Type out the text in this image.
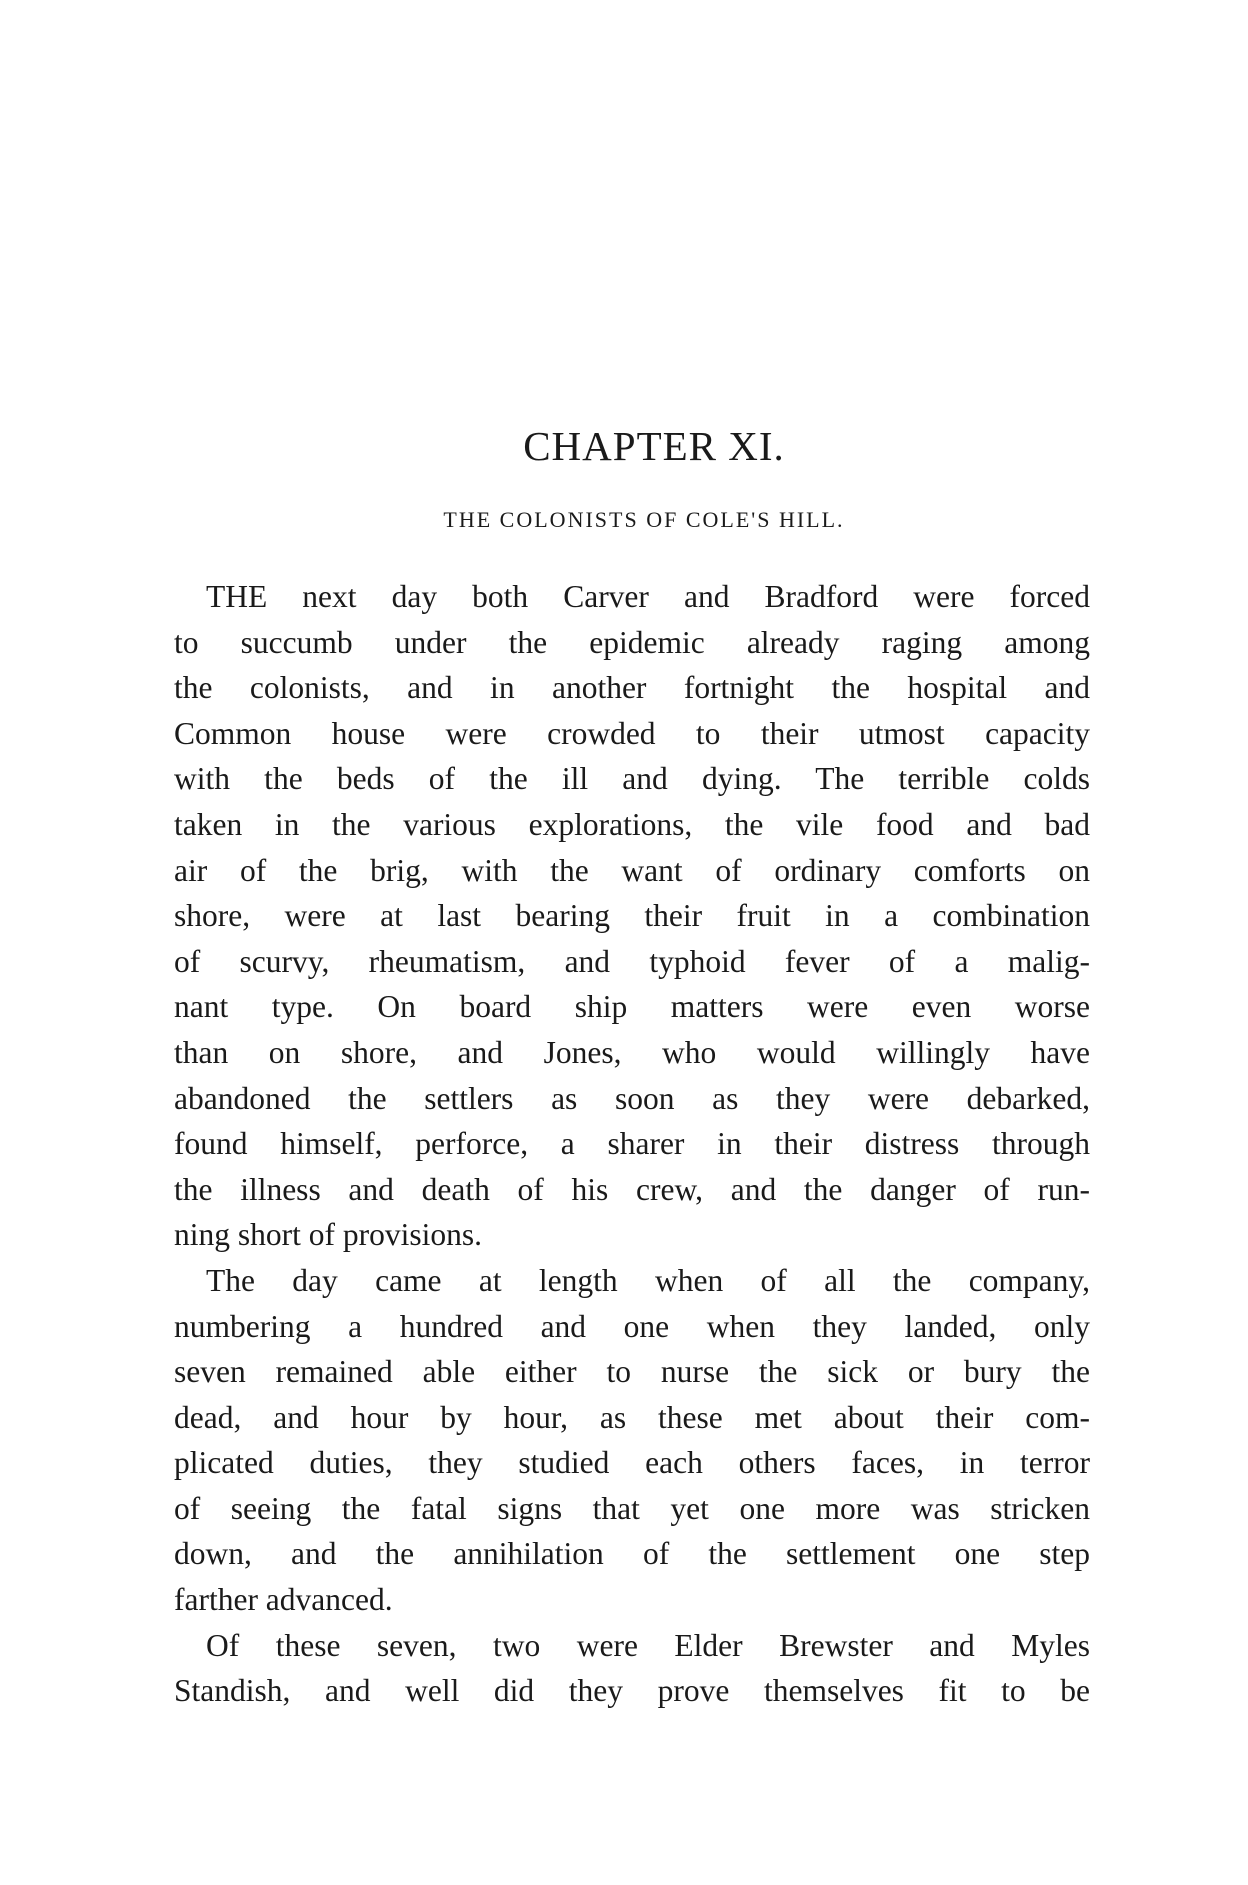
CHAPTER XI.
THE COLONISTS OF COLE'S HILL.
THE next day both Carver and Bradford were forced
to succumb under the epidemic already raging among
the colonists, and in another fortnight the hospital and
Common house were crowded to their utmost capacity
with the beds of the ill and dying. The terrible colds
taken in the various explorations, the vile food and bad
air of the brig, with the want of ordinary comforts on
shore, were at last bearing their fruit in a combination
of scurvy, rheumatism, and typhoid fever of a malig-
nant type. On board ship matters were even worse
than on shore, and Jones, who would willingly have
abandoned the settlers as soon as they were debarked,
found himself, perforce, a sharer in their distress through
the illness and death of his crew, and the danger of run-
ning short of provisions.
The day came at length when of all the company,
numbering a hundred and one when they landed, only
seven remained able either to nurse the sick or bury the
dead, and hour by hour, as these met about their com-
plicated duties, they studied each others faces, in terror
of seeing the fatal signs that yet one more was stricken
down, and the annihilation of the settlement one step
farther advanced.
Of these seven, two were Elder Brewster and Myles
Standish, and well did they prove themselves fit to be
